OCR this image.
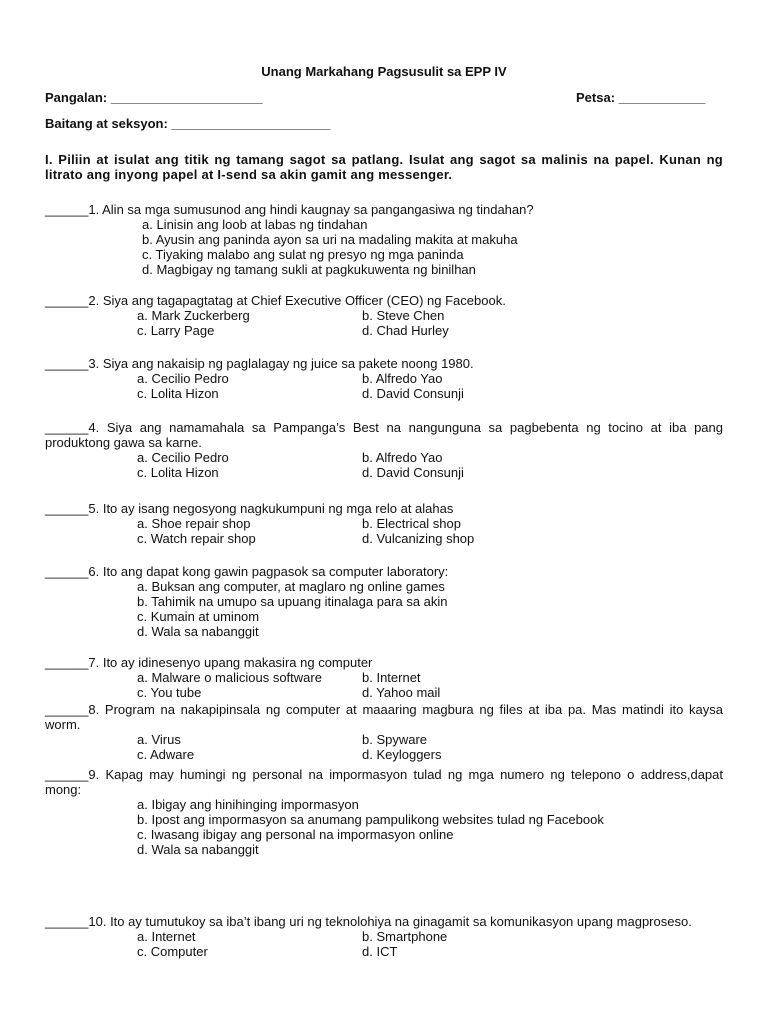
Unang Markahang Pagsusulit sa EPP IV
Pangalan: _____________________	Petsa: ____________
Baitang at seksyon: ______________________
I. Piliin at isulat ang titik ng tamang sagot sa patlang. Isulat ang sagot sa malinis na papel. Kunan ng litrato ang inyong papel at I-send sa akin gamit ang messenger.
______1. Alin sa mga sumusunod ang hindi kaugnay sa pangangasiwa ng tindahan?
a. Linisin ang loob at labas ng tindahan
b. Ayusin ang paninda ayon sa uri na madaling makita at makuha
c. Tiyaking malabo ang sulat ng presyo ng mga paninda
d. Magbigay ng tamang sukli at pagkukuwenta ng binilhan
______2. Siya ang tagapagtatag at Chief Executive Officer (CEO) ng Facebook.
a. Mark Zuckerberg	b. Steve Chen
c. Larry Page	d. Chad Hurley
______3. Siya ang nakaisip ng paglalagay ng juice sa pakete noong 1980.
a. Cecilio Pedro	b. Alfredo Yao
c. Lolita Hizon	d. David Consunji
______4. Siya ang namamahala sa Pampanga’s Best na nangunguna sa pagbebenta ng tocino at iba pang produktong gawa sa karne.
a. Cecilio Pedro	b. Alfredo Yao
c. Lolita Hizon	d. David Consunji
______5. Ito ay isang negosyong nagkukumpuni ng mga relo at alahas
a. Shoe repair shop	b. Electrical shop
c. Watch repair shop	d. Vulcanizing shop
______6. Ito ang dapat kong gawin pagpasok sa computer laboratory:
a. Buksan ang computer, at maglaro ng online games
b. Tahimik na umupo sa upuang itinalaga para sa akin
c. Kumain at uminom
d. Wala sa nabanggit
______7. Ito ay idinesenyo upang makasira ng computer
a. Malware o malicious software	b. Internet
c. You tube	d. Yahoo mail
______8. Program na nakapipinsala ng computer at maaaring magbura ng files at iba pa. Mas matindi ito kaysa worm.
a. Virus	b. Spyware
c. Adware	d. Keyloggers
______9. Kapag may humingi ng personal na impormasyon tulad ng mga numero ng telepono o address,dapat mong:
a. Ibigay ang hinihinging impormasyon
b. Ipost ang impormasyon sa anumang pampulikong websites tulad ng Facebook
c. Iwasang ibigay ang personal na impormasyon online
d. Wala sa nabanggit
______10. Ito ay tumutukoy sa iba’t ibang uri ng teknolohiya na ginagamit sa komunikasyon upang magproseso.
a. Internet	b. Smartphone
c. Computer	d. ICT
